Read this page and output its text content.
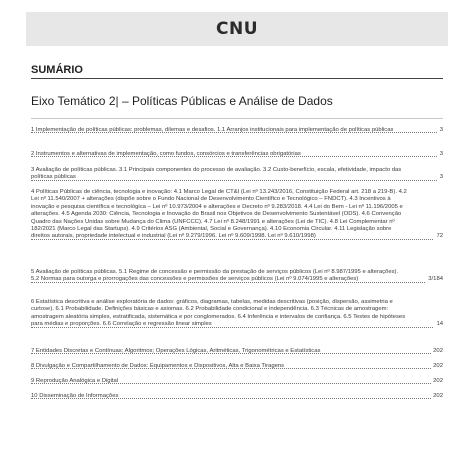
CNU
SUMÁRIO
Eixo Temático 2| – Políticas Públicas e Análise de Dados
1 Implementação de políticas públicas: problemas, dilemas e desafios. 1.1 Arranjos institucionais para implementação de políticas públicas	3
2 Instrumentos e alternativas de implementação, como fundos, consórcios e transferências obrigatórias	3
3 Avaliação de políticas públicas. 3.1 Principais componentes do processo de avaliação. 3.2 Custo-benefício, escala, efetividade, impacto das políticas públicas	3
4 Políticas Públicas de ciência, tecnologia e inovação: 4.1 Marco Legal de CT&I (Lei nº 13.243/2016, Constituição Federal art. 218 a 219-B). 4.2 Lei nº 11.540/2007 + alterações (dispõe sobre o Fundo Nacional de Desenvolvimento Científico e Tecnológico – FNDCT). 4.3 Incentivos à inovação e pesquisa científica e tecnológica – Lei nº 10.973/2004 e alterações e Decreto nº 9.283/2018. 4.4 Lei do Bem - Lei nº 11.196/2005 e alterações. 4.5 Agenda 2030: Ciência, Tecnologia e Inovação do Brasil nos Objetivos de Desenvolvimento Sustentável (ODS). 4.6 Convenção Quadro das Nações Unidas sobre Mudança do Clima (UNFCCC). 4.7 Lei nº 8.248/1991 e alterações (Lei de TIC). 4.8 Lei Complementar nº 182/2021 (Marco Legal das Startups). 4.9 Critérios ASG (Ambiental, Social e Governança). 4.10 Economia Circular. 4.11 Legislação sobre direitos autorais, propriedade intelectual e industrial (Lei nº 9.279/1996. Lei nº 9.609/1998. Lei nº 9.610/1998)	72
5 Avaliação de políticas públicas. 5.1 Regime de concessão e permissão da prestação de serviços públicos (Lei nº 8.987/1995 e alterações). 5.2 Normas para outorga e prorrogações das concessões e permissões de serviços públicos (Lei nº 9.074/1995 e alterações)	3/184
6 Estatística descritiva e análise exploratória de dados: gráficos, diagramas, tabelas, medidas descritivas (posição, dispersão, assimetria e curtose). 6.1 Probabilidade. Definições básicas e axiomas. 6.2 Probabilidade condicional e independência. 6.3 Técnicas de amostragem: amostragem aleatória simples, estratificada, sistemática e por conglomerados. 6.4 Inferência e intervalos de confiança. 6.5 Testes de hipóteses para médias e proporções. 6.6 Correlação e regressão linear simples	14
7 Entidades Discretas e Contínuas; Algoritmos; Operações Lógicas, Aritméticas, Trigonométricas e Estatísticas	202
8 Divulgação e Compartilhamento de Dados: Equipamentos e Dispositivos, Alta e Baixa Tiragens	202
9 Reprodução Analógica e Digital	202
10 Disseminação de Informações	202
